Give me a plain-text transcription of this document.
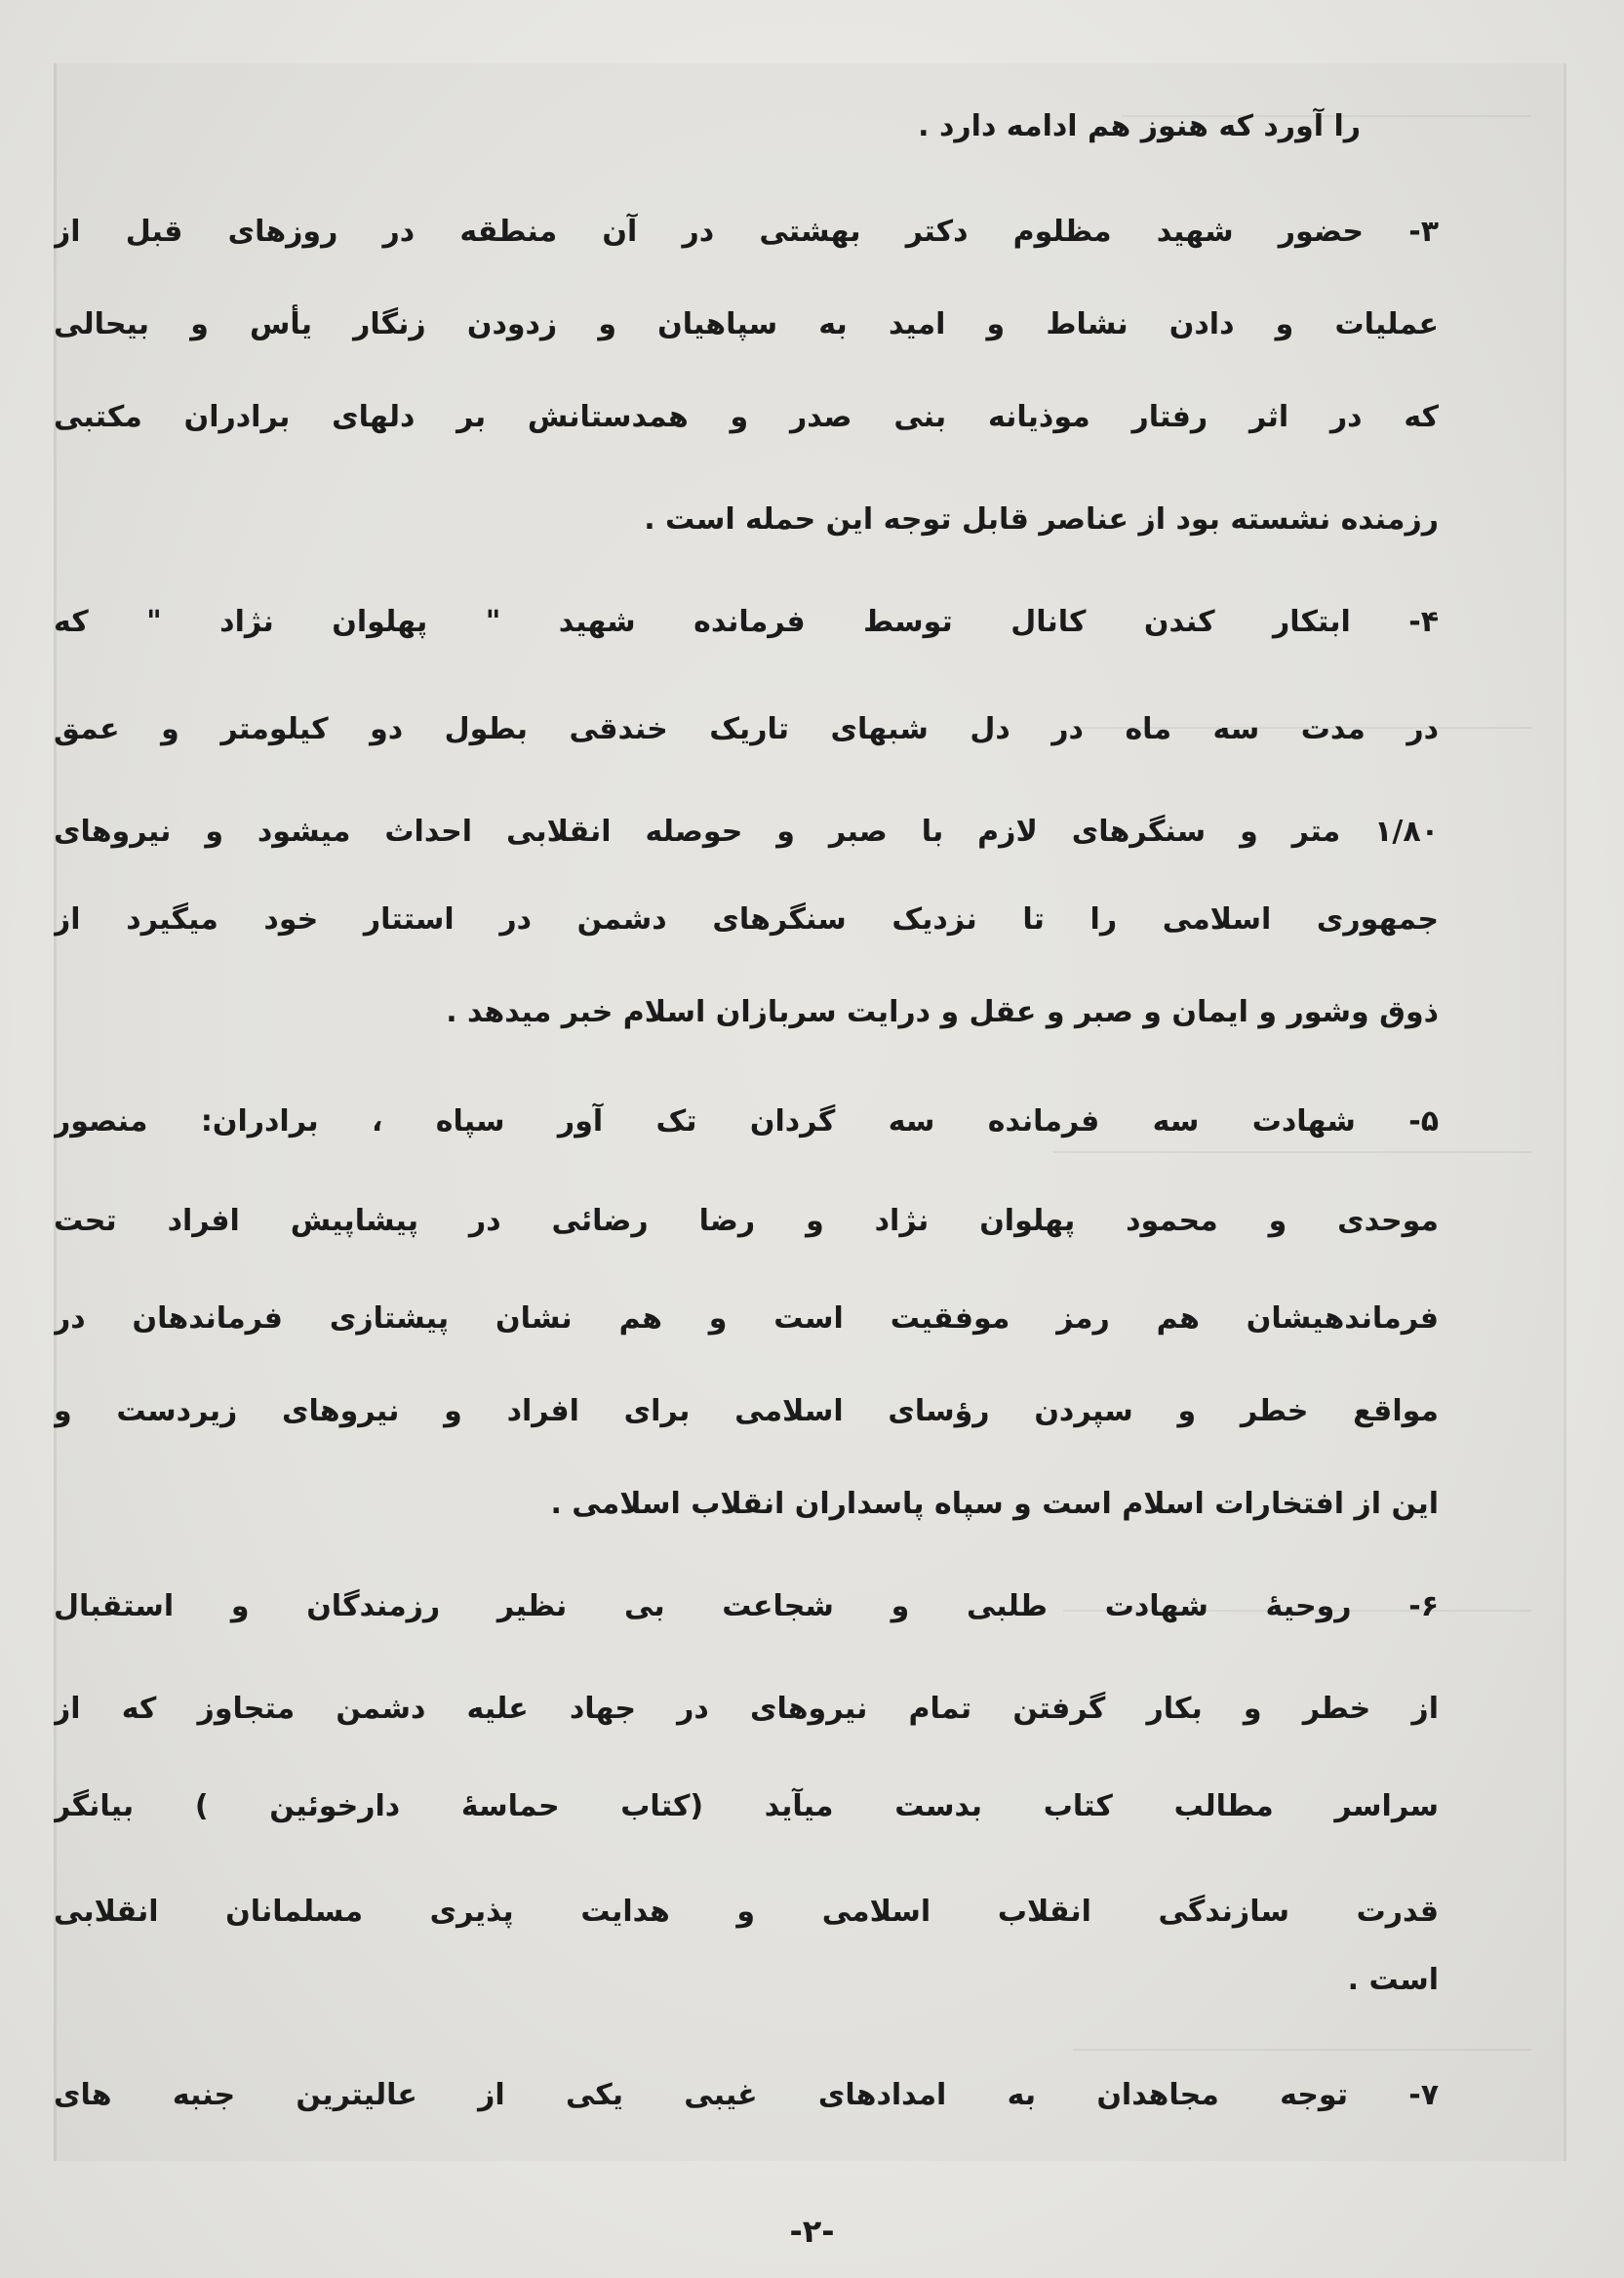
را آورد که هنوز هم ادامه دارد .
۳- حضور شهید مظلوم دکتر بهشتی در آن منطقه در روزهای قبل از
عملیات و دادن نشاط و امید به سپاهیان و زدودن زنگار یأس و بیحالی
که در اثر رفتار موذیانه بنی صدر و همدستانش بر دلهای برادران مکتبی
رزمنده نشسته بود از عناصر قابل توجه این حمله است .
۴- ابتکار کندن کانال توسط فرمانده شهید " پهلوان نژاد " که
در مدت سه ماه در دل شبهای تاریک خندقی بطول دو کیلومتر و عمق
۱/۸۰ متر و سنگرهای لازم با صبر و حوصله انقلابی احداث میشود و نیروهای
جمهوری اسلامی را تا نزدیک سنگرهای دشمن در استتار خود میگیرد از
ذوق وشور و ایمان و صبر و عقل و درایت سربازان اسلام خبر میدهد .
۵- شهادت سه فرمانده سه گردان تک آور سپاه ، برادران: منصور
موحدی و محمود پهلوان نژاد و رضا رضائی در پیشاپیش افراد تحت
فرماندهیشان هم رمز موفقیت است و هم نشان پیشتازی فرماندهان در
مواقع خطر و سپردن رؤسای اسلامی برای افراد و نیروهای زیردست و
این از افتخارات اسلام است و سپاه پاسداران انقلاب اسلامی .
۶- روحیهٔ شهادت طلبی و شجاعت بی نظیر رزمندگان و استقبال
از خطر و بکار گرفتن تمام نیروهای در جهاد علیه دشمن متجاوز که از
سراسر مطالب کتاب بدست میآید (کتاب حماسهٔ دارخوئین ) بیانگر
قدرت سازندگی انقلاب اسلامی و هدایت پذیری مسلمانان انقلابی
است .
۷- توجه مجاهدان به امدادهای غیبی یکی از عالیترین جنبه های
-۲-
